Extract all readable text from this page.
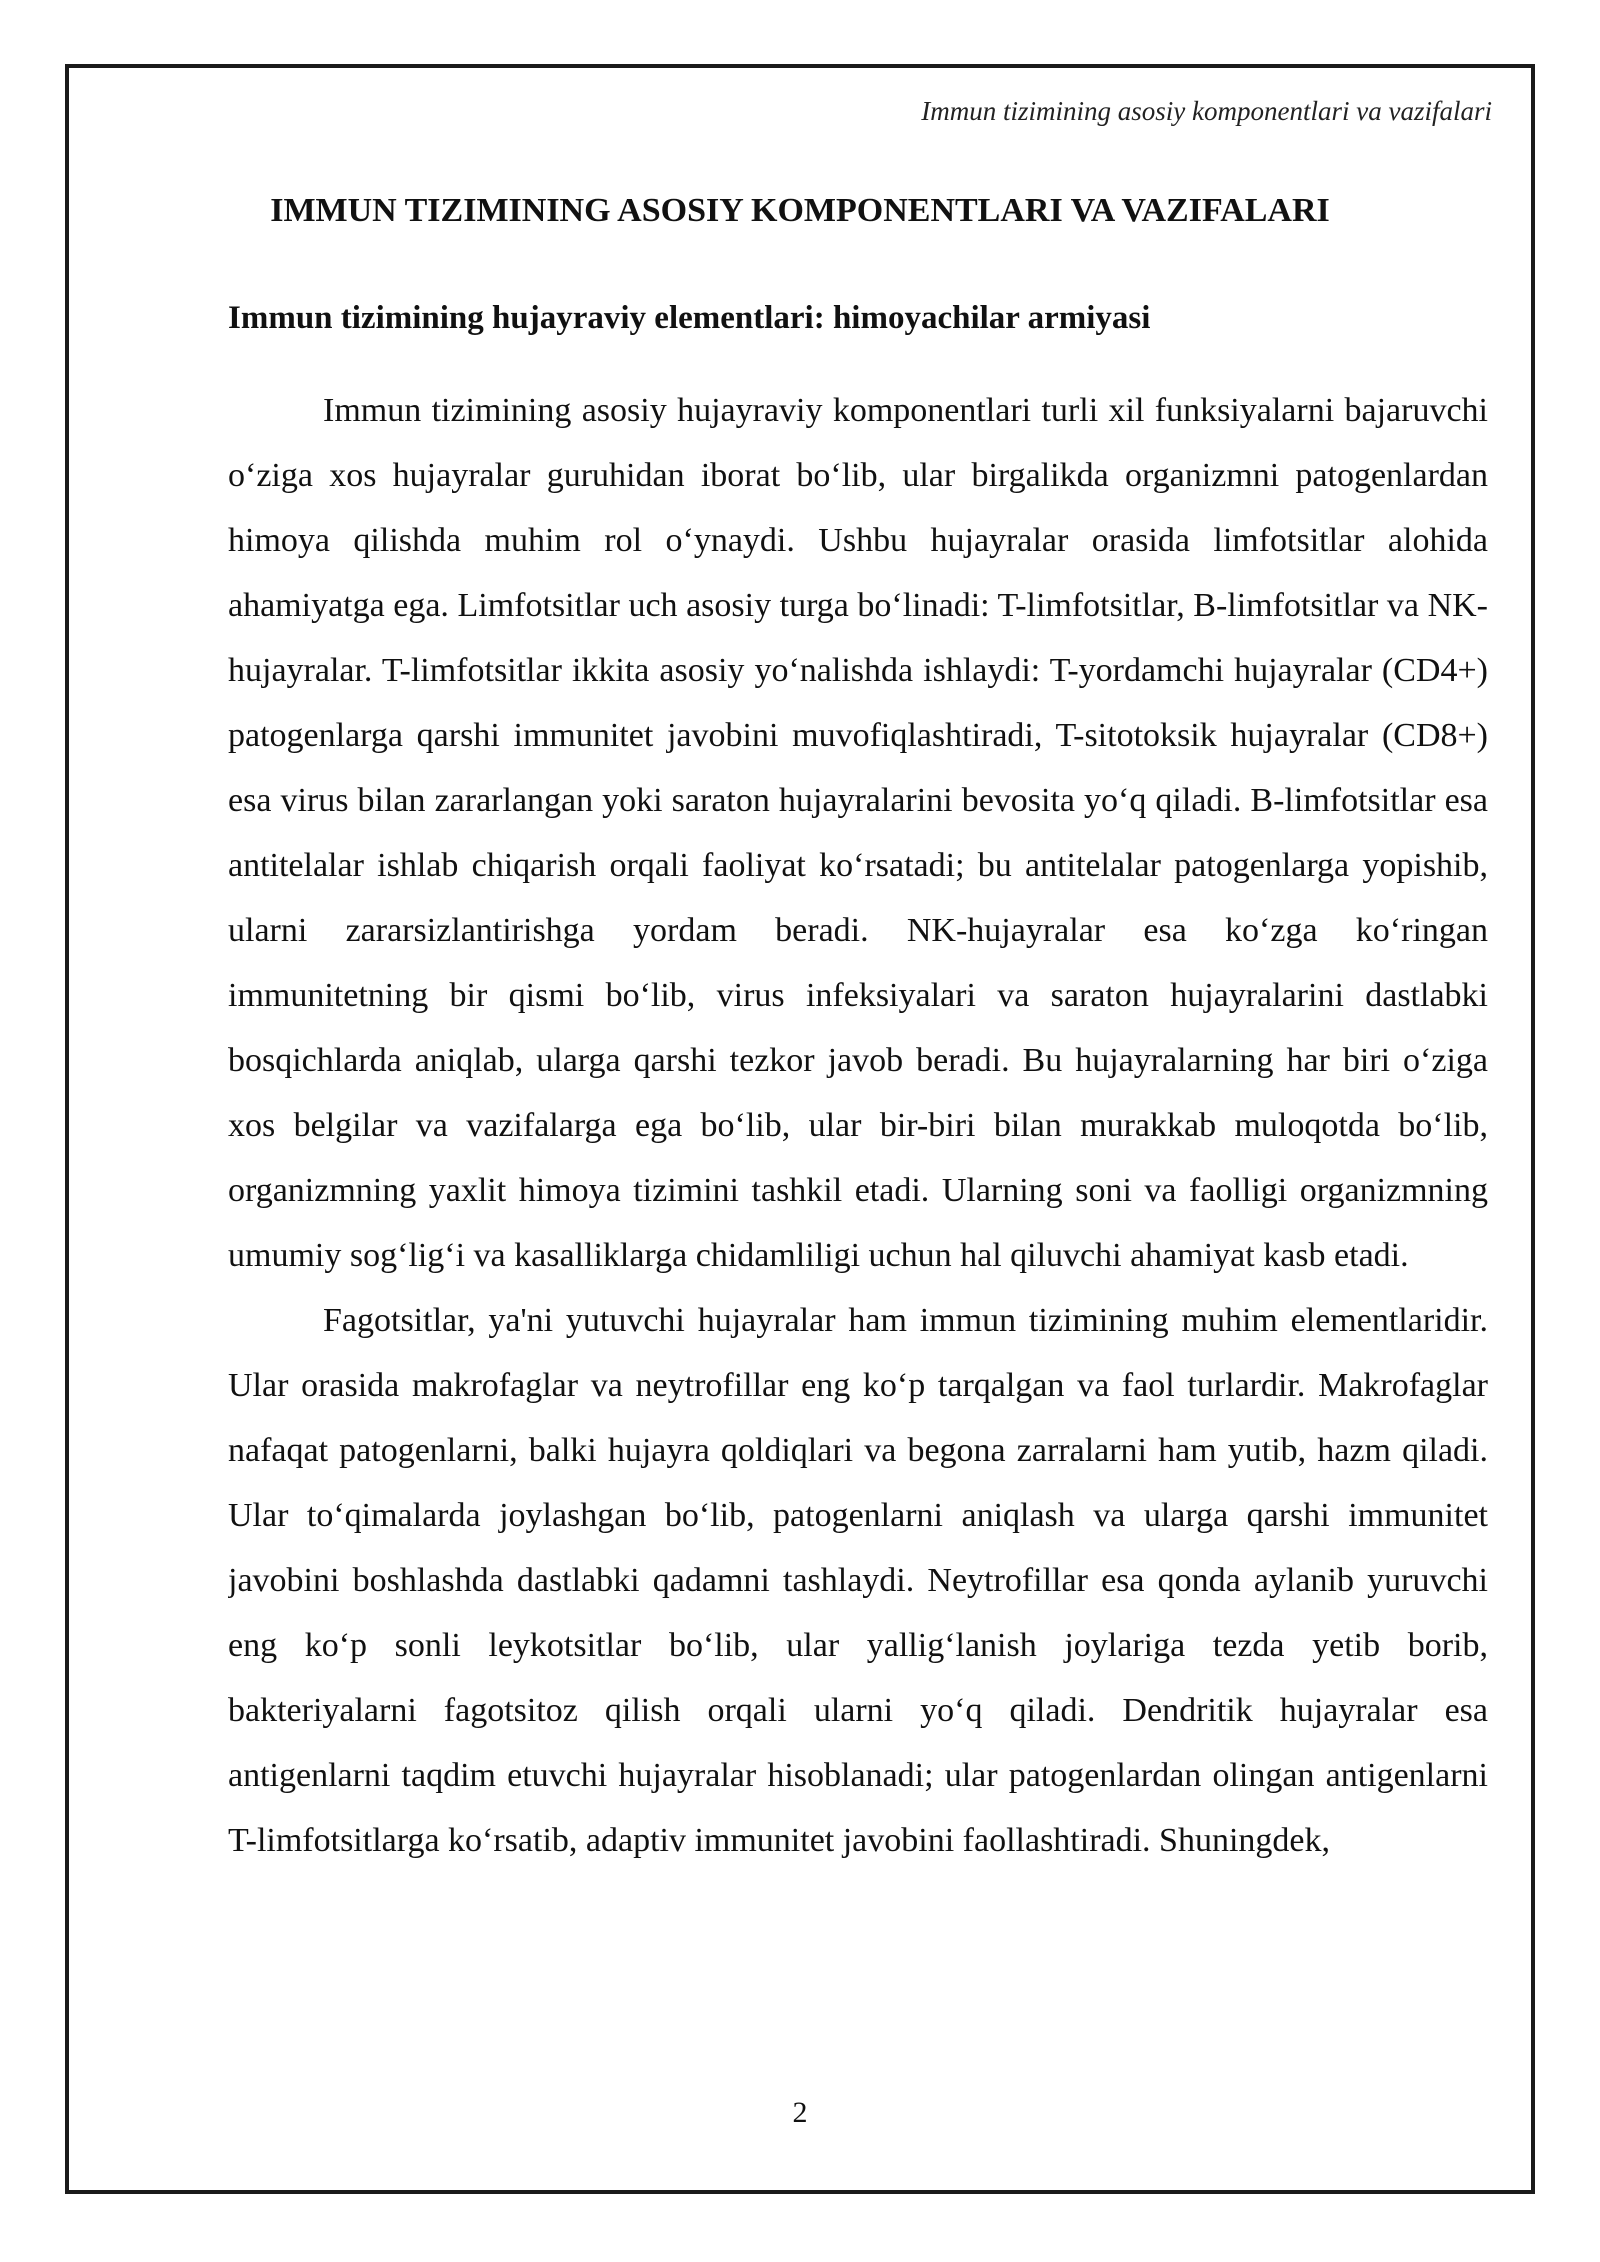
Immun tizimining asosiy komponentlari va vazifalari
IMMUN TIZIMINING ASOSIY KOMPONENTLARI VA VAZIFALARI
Immun tizimining hujayraviy elementlari: himoyachilar armiyasi

Immun tizimining asosiy hujayraviy komponentlari turli xil funksiyalarni bajaruvchi o‘ziga xos hujayralar guruhidan iborat bo‘lib, ular birgalikda organizmni patogenlardan himoya qilishda muhim rol o‘ynaydi. Ushbu hujayralar orasida limfotsitlar alohida ahamiyatga ega. Limfotsitlar uch asosiy turga bo‘linadi: T-limfotsitlar, B-limfotsitlar va NK-hujayralar. T-limfotsitlar ikkita asosiy yo‘nalishda ishlaydi: T-yordamchi hujayralar (CD4+) patogenlarga qarshi immunitet javobini muvofiqlashtiradi, T-sitotoksik hujayralar (CD8+) esa virus bilan zararlangan yoki saraton hujayralarini bevosita yo‘q qiladi. B-limfotsitlar esa antitelalar ishlab chiqarish orqali faoliyat ko‘rsatadi; bu antitelalar patogenlarga yopishib, ularni zararsizlantirishga yordam beradi. NK-hujayralar esa ko‘zga ko‘ringan immunitetning bir qismi bo‘lib, virus infeksiyalari va saraton hujayralarini dastlabki bosqichlarda aniqlab, ularga qarshi tezkor javob beradi. Bu hujayralarning har biri o‘ziga xos belgilar va vazifalarga ega bo‘lib, ular bir-biri bilan murakkab muloqotda bo‘lib, organizmning yaxlit himoya tizimini tashkil etadi. Ularning soni va faolligi organizmning umumiy sog‘lig‘i va kasalliklarga chidamliligi uchun hal qiluvchi ahamiyat kasb etadi.

Fagotsitlar, ya'ni yutuvchi hujayralar ham immun tizimining muhim elementlaridir. Ular orasida makrofaglar va neytrofillar eng ko‘p tarqalgan va faol turlardir. Makrofaglar nafaqat patogenlarni, balki hujayra qoldiqlari va begona zarralarni ham yutib, hazm qiladi. Ular to‘qimalarda joylashgan bo‘lib, patogenlarni aniqlash va ularga qarshi immunitet javobini boshlashda dastlabki qadamni tashlaydi. Neytrofillar esa qonda aylanib yuruvchi eng ko‘p sonli leykotsitlar bo‘lib, ular yallig‘lanish joylariga tezda yetib borib, bakteriyalarni fagotsitoz qilish orqali ularni yo‘q qiladi. Dendritik hujayralar esa antigenlarni taqdim etuvchi hujayralar hisoblanadi; ular patogenlardan olingan antigenlarni T-limfotsitlarga ko‘rsatib, adaptiv immunitet javobini faollashtiradi. Shuningdek,

2
